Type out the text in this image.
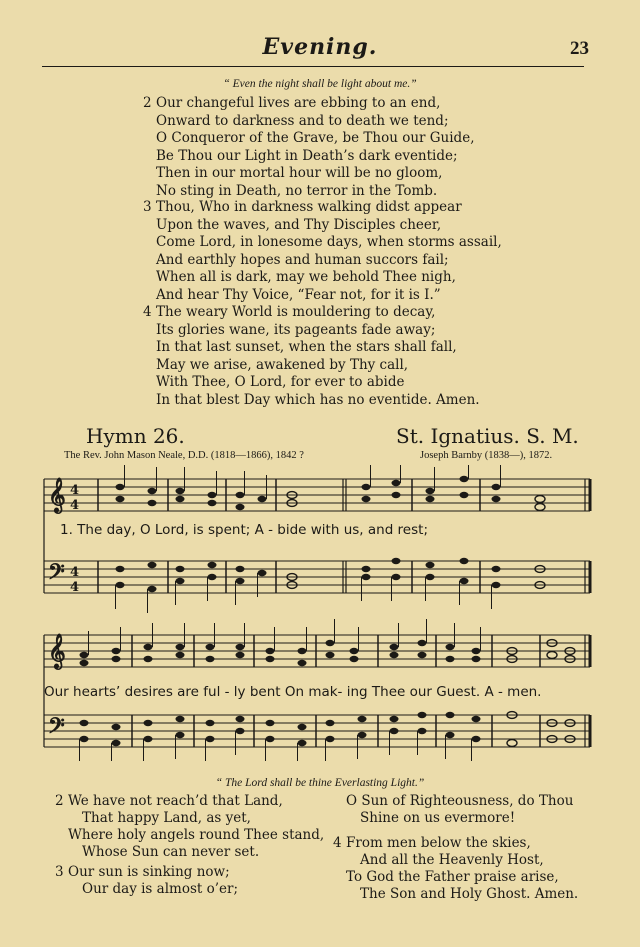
Evening.	23
“ Even the night shall be light about me.”
2 Our changeful lives are ebbing to an end,
Onward to darkness and to death we tend;
O Conqueror of the Grave, be Thou our Guide,
Be Thou our Light in Death’s dark eventide;
Then in our mortal hour will be no gloom,
No sting in Death, no terror in the Tomb.
3 Thou, Who in darkness walking didst appear
Upon the waves, and Thy Disciples cheer,
Come Lord, in lonesome days, when storms assail,
And earthly hopes and human succors fail;
When all is dark, may we behold Thee nigh,
And hear Thy Voice, “Fear not, for it is I.”
4 The weary World is mouldering to decay,
Its glories wane, its pageants fade away;
In that last sunset, when the stars shall fall,
May we arise, awakened by Thy call,
With Thee, O Lord, for ever to abide
In that blest Day which has no eventide. Amen.
Hymn 26.	St. Ignatius. S. M.
The Rev. John Mason Neale, D.D. (1818—1866), 1842 ?	Joseph Barnby (1838—), 1872.
𝄞 4
4
𝄢 4
4
1. The day, O Lord, is spent; A - bide with us, and rest;
𝄞
𝄢
Our hearts’ desires are ful - ly bent On mak- ing Thee our Guest. A - men.
“ The Lord shall be thine Everlasting Light.”
2 We have not reach’d that Land,
That happy Land, as yet,
Where holy angels round Thee stand,
Whose Sun can never set.
3 Our sun is sinking now;
Our day is almost o’er;
O Sun of Righteousness, do Thou
Shine on us evermore!
4 From men below the skies,
And all the Heavenly Host,
To God the Father praise arise,
The Son and Holy Ghost. Amen.
